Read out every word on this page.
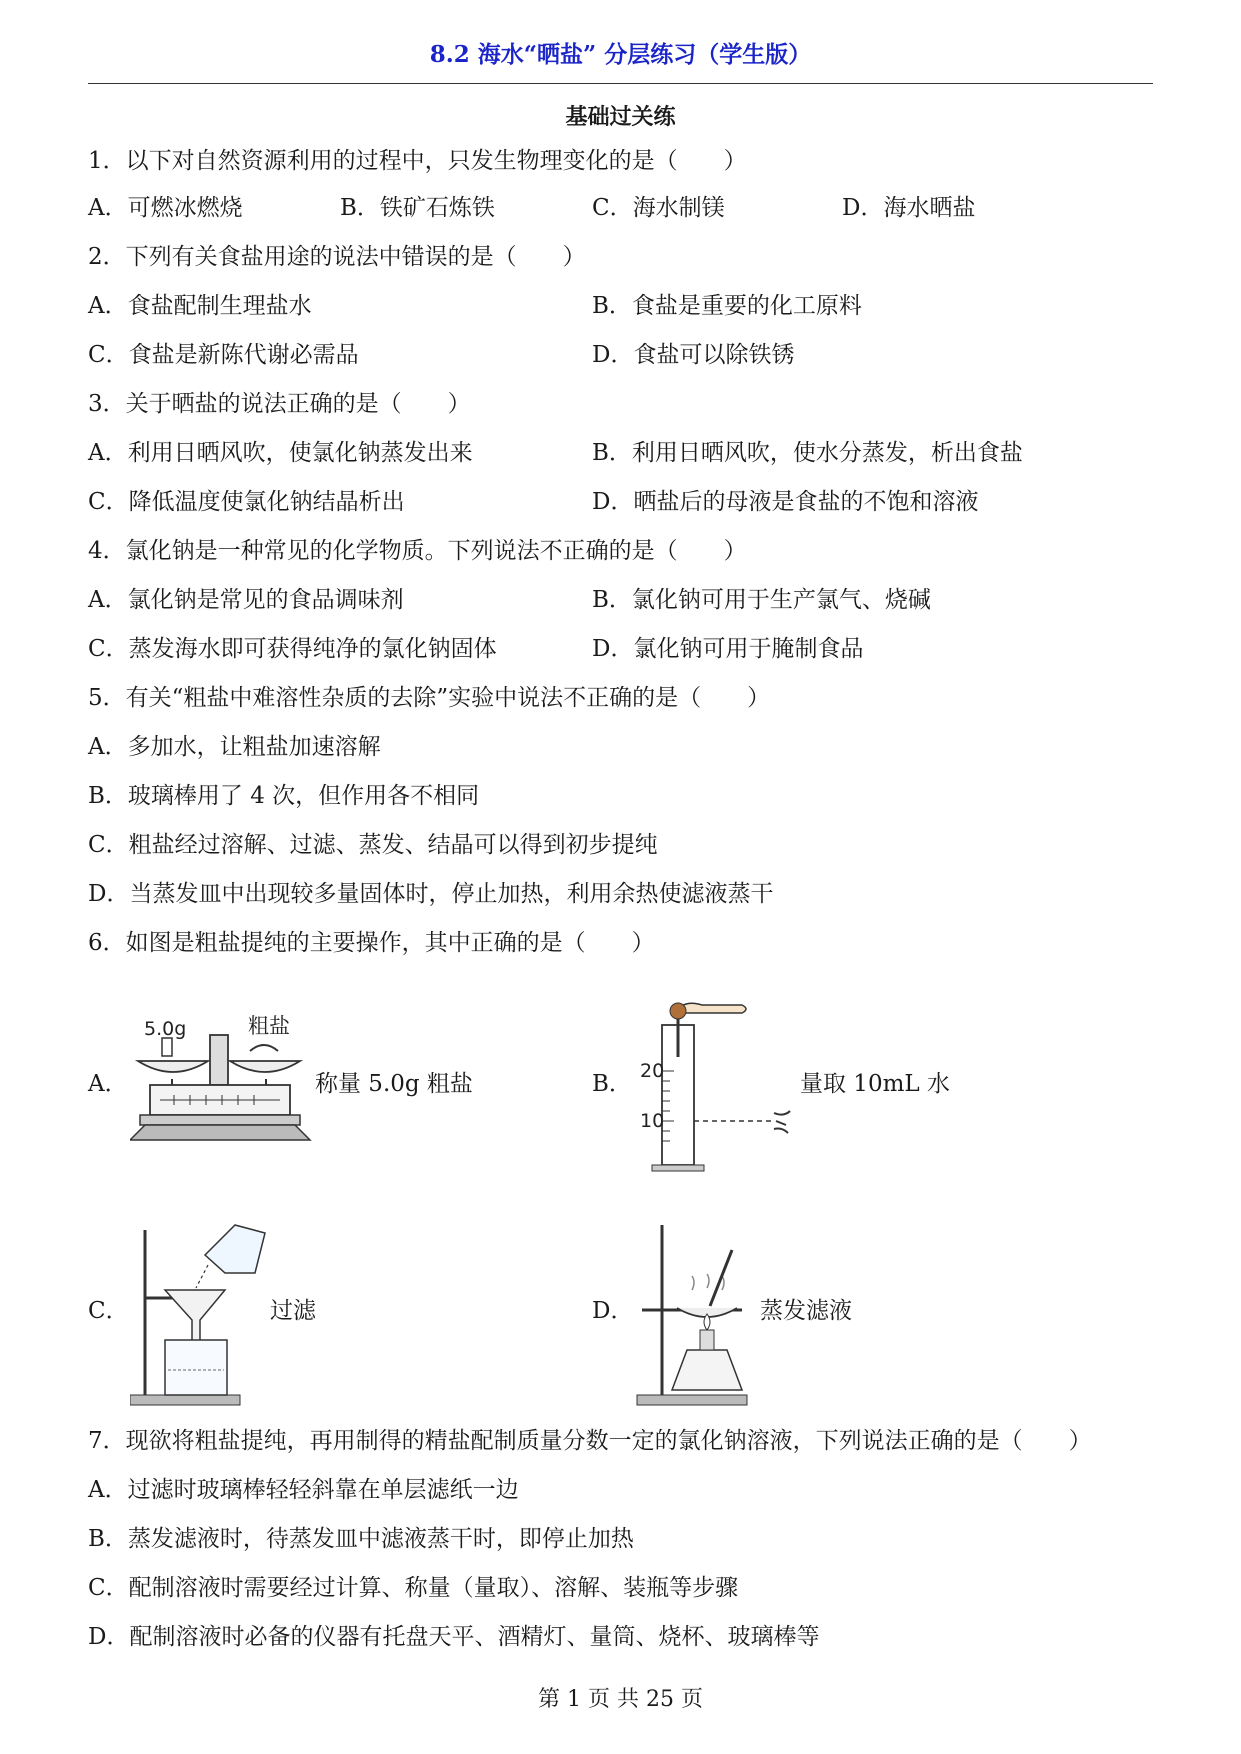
8.2 海水“晒盐” 分层练习（学生版）
基础过关练
1．以下对自然资源利用的过程中，只发生物理变化的是（　　）
A．可燃冰燃烧	B．铁矿石炼铁	C．海水制镁	D．海水晒盐
2．下列有关食盐用途的说法中错误的是（　　）
A．食盐配制生理盐水	B．食盐是重要的化工原料
C．食盐是新陈代谢必需品	D．食盐可以除铁锈
3．关于晒盐的说法正确的是（　　）
A．利用日晒风吹，使氯化钠蒸发出来	B．利用日晒风吹，使水分蒸发，析出食盐
C．降低温度使氯化钠结晶析出	D．晒盐后的母液是食盐的不饱和溶液
4．氯化钠是一种常见的化学物质。下列说法不正确的是（　　）
A．氯化钠是常见的食品调味剂	B．氯化钠可用于生产氯气、烧碱
C．蒸发海水即可获得纯净的氯化钠固体	D．氯化钠可用于腌制食品
5．有关“粗盐中难溶性杂质的去除”实验中说法不正确的是（　　）
A．多加水，让粗盐加速溶解
B．玻璃棒用了 4 次，但作用各不相同
C．粗盐经过溶解、过滤、蒸发、结晶可以得到初步提纯
D．当蒸发皿中出现较多量固体时，停止加热，利用余热使滤液蒸干
6．如图是粗盐提纯的主要操作，其中正确的是（　　）
A．
5.0g	粗盐
称量 5.0g 粗盐	B． 20
10
量取 10mL 水
C．	过滤	D．	蒸发滤液
7．现欲将粗盐提纯，再用制得的精盐配制质量分数一定的氯化钠溶液，下列说法正确的是（　　）
A．过滤时玻璃棒轻轻斜靠在单层滤纸一边
B．蒸发滤液时，待蒸发皿中滤液蒸干时，即停止加热
C．配制溶液时需要经过计算、称量（量取）、溶解、装瓶等步骤
D．配制溶液时必备的仪器有托盘天平、酒精灯、量筒、烧杯、玻璃棒等
第 1 页 共 25 页
